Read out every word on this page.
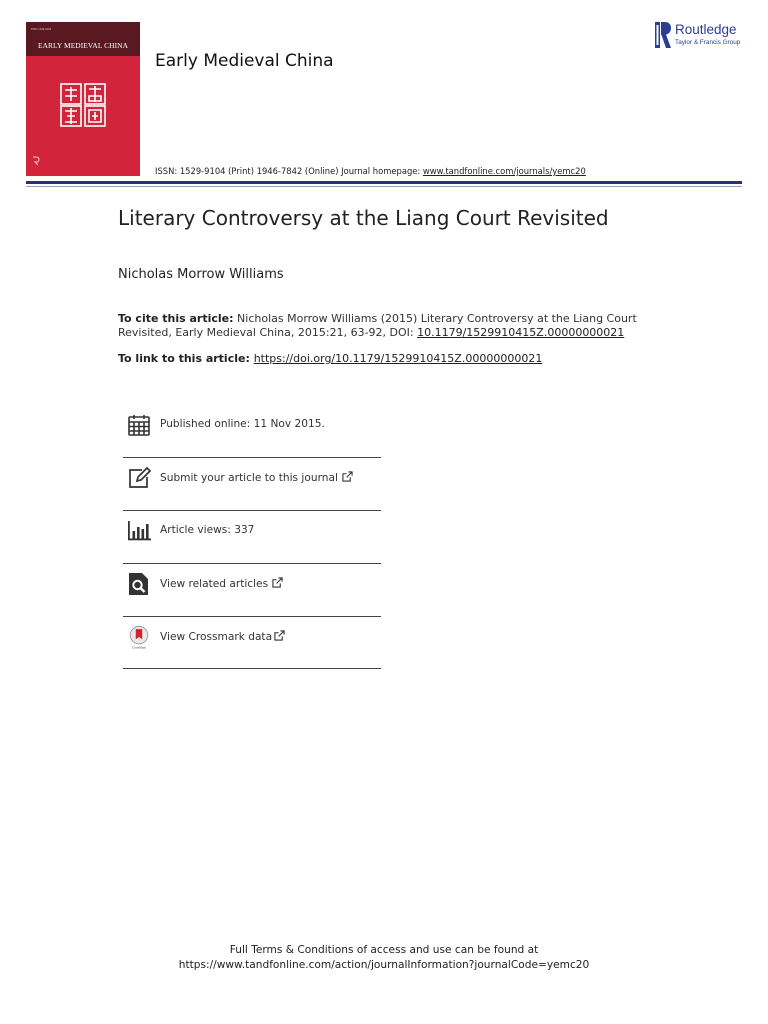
ISSN 1529-9104
EARLY MEDIEVAL CHINA
Early Medieval China
Routledge
Taylor & Francis Group
ISSN: 1529-9104 (Print) 1946-7842 (Online) Journal homepage: www.tandfonline.com/journals/yemc20
Literary Controversy at the Liang Court Revisited
Nicholas Morrow Williams
To cite this article: Nicholas Morrow Williams (2015) Literary Controversy at the Liang Court Revisited, Early Medieval China, 2015:21, 63-92, DOI: 10.1179/1529910415Z.00000000021
To link to this article: https://doi.org/10.1179/1529910415Z.00000000021
Published online: 11 Nov 2015.
Submit your article to this journal
Article views: 337
View related articles
CrossMark
View Crossmark data
Full Terms & Conditions of access and use can be found at
https://www.tandfonline.com/action/journalInformation?journalCode=yemc20
